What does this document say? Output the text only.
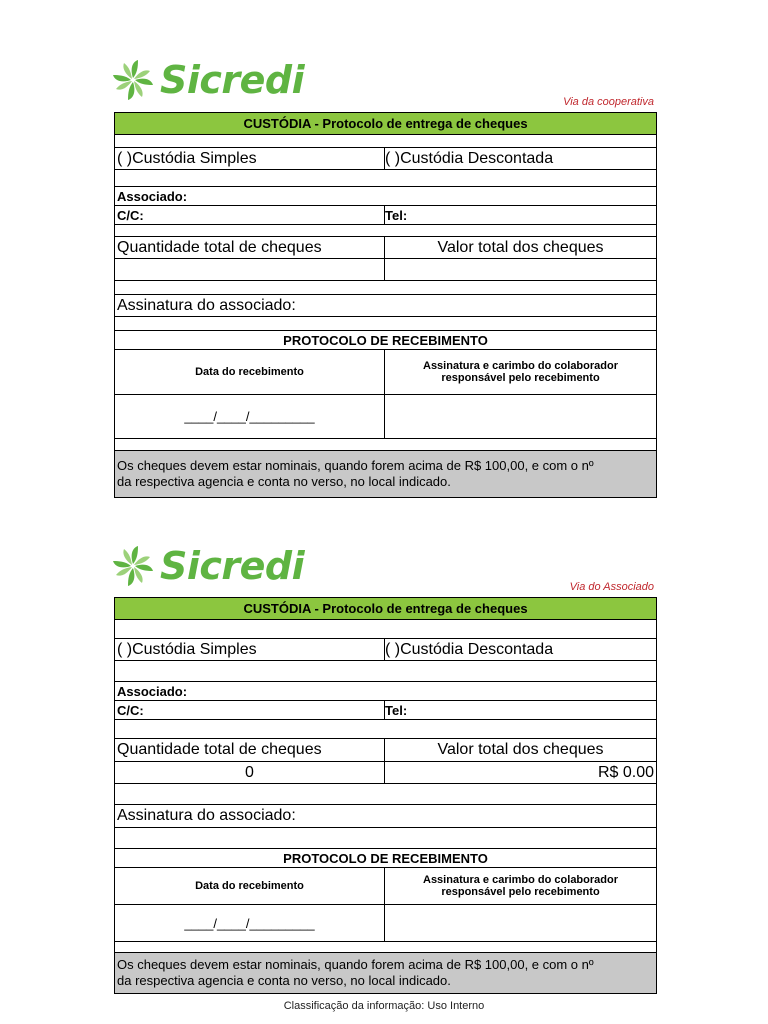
Sicredi	Via da cooperativa
CUSTÓDIA - Protocolo de entrega de cheques
( )Custódia Simples	( )Custódia Descontada
Associado:
C/C:	Tel:
Quantidade total de cheques	Valor total dos cheques
Assinatura do associado:
PROTOCOLO DE RECEBIMENTO
Data do recebimento	Assinatura e carimbo do colaborador
responsável pelo recebimento
____/____/_________
Os cheques devem estar nominais, quando forem acima de R$ 100,00, e com o nº
da respectiva agencia e conta no verso, no local indicado.
Sicredi	Via do Associado
CUSTÓDIA - Protocolo de entrega de cheques
( )Custódia Simples	( )Custódia Descontada
Associado:
C/C:	Tel:
Quantidade total de cheques	Valor total dos cheques
0	R$ 0.00
Assinatura do associado:
PROTOCOLO DE RECEBIMENTO
Data do recebimento	Assinatura e carimbo do colaborador
responsável pelo recebimento
____/____/_________
Os cheques devem estar nominais, quando forem acima de R$ 100,00, e com o nº
da respectiva agencia e conta no verso, no local indicado.
Classificação da informação: Uso Interno
